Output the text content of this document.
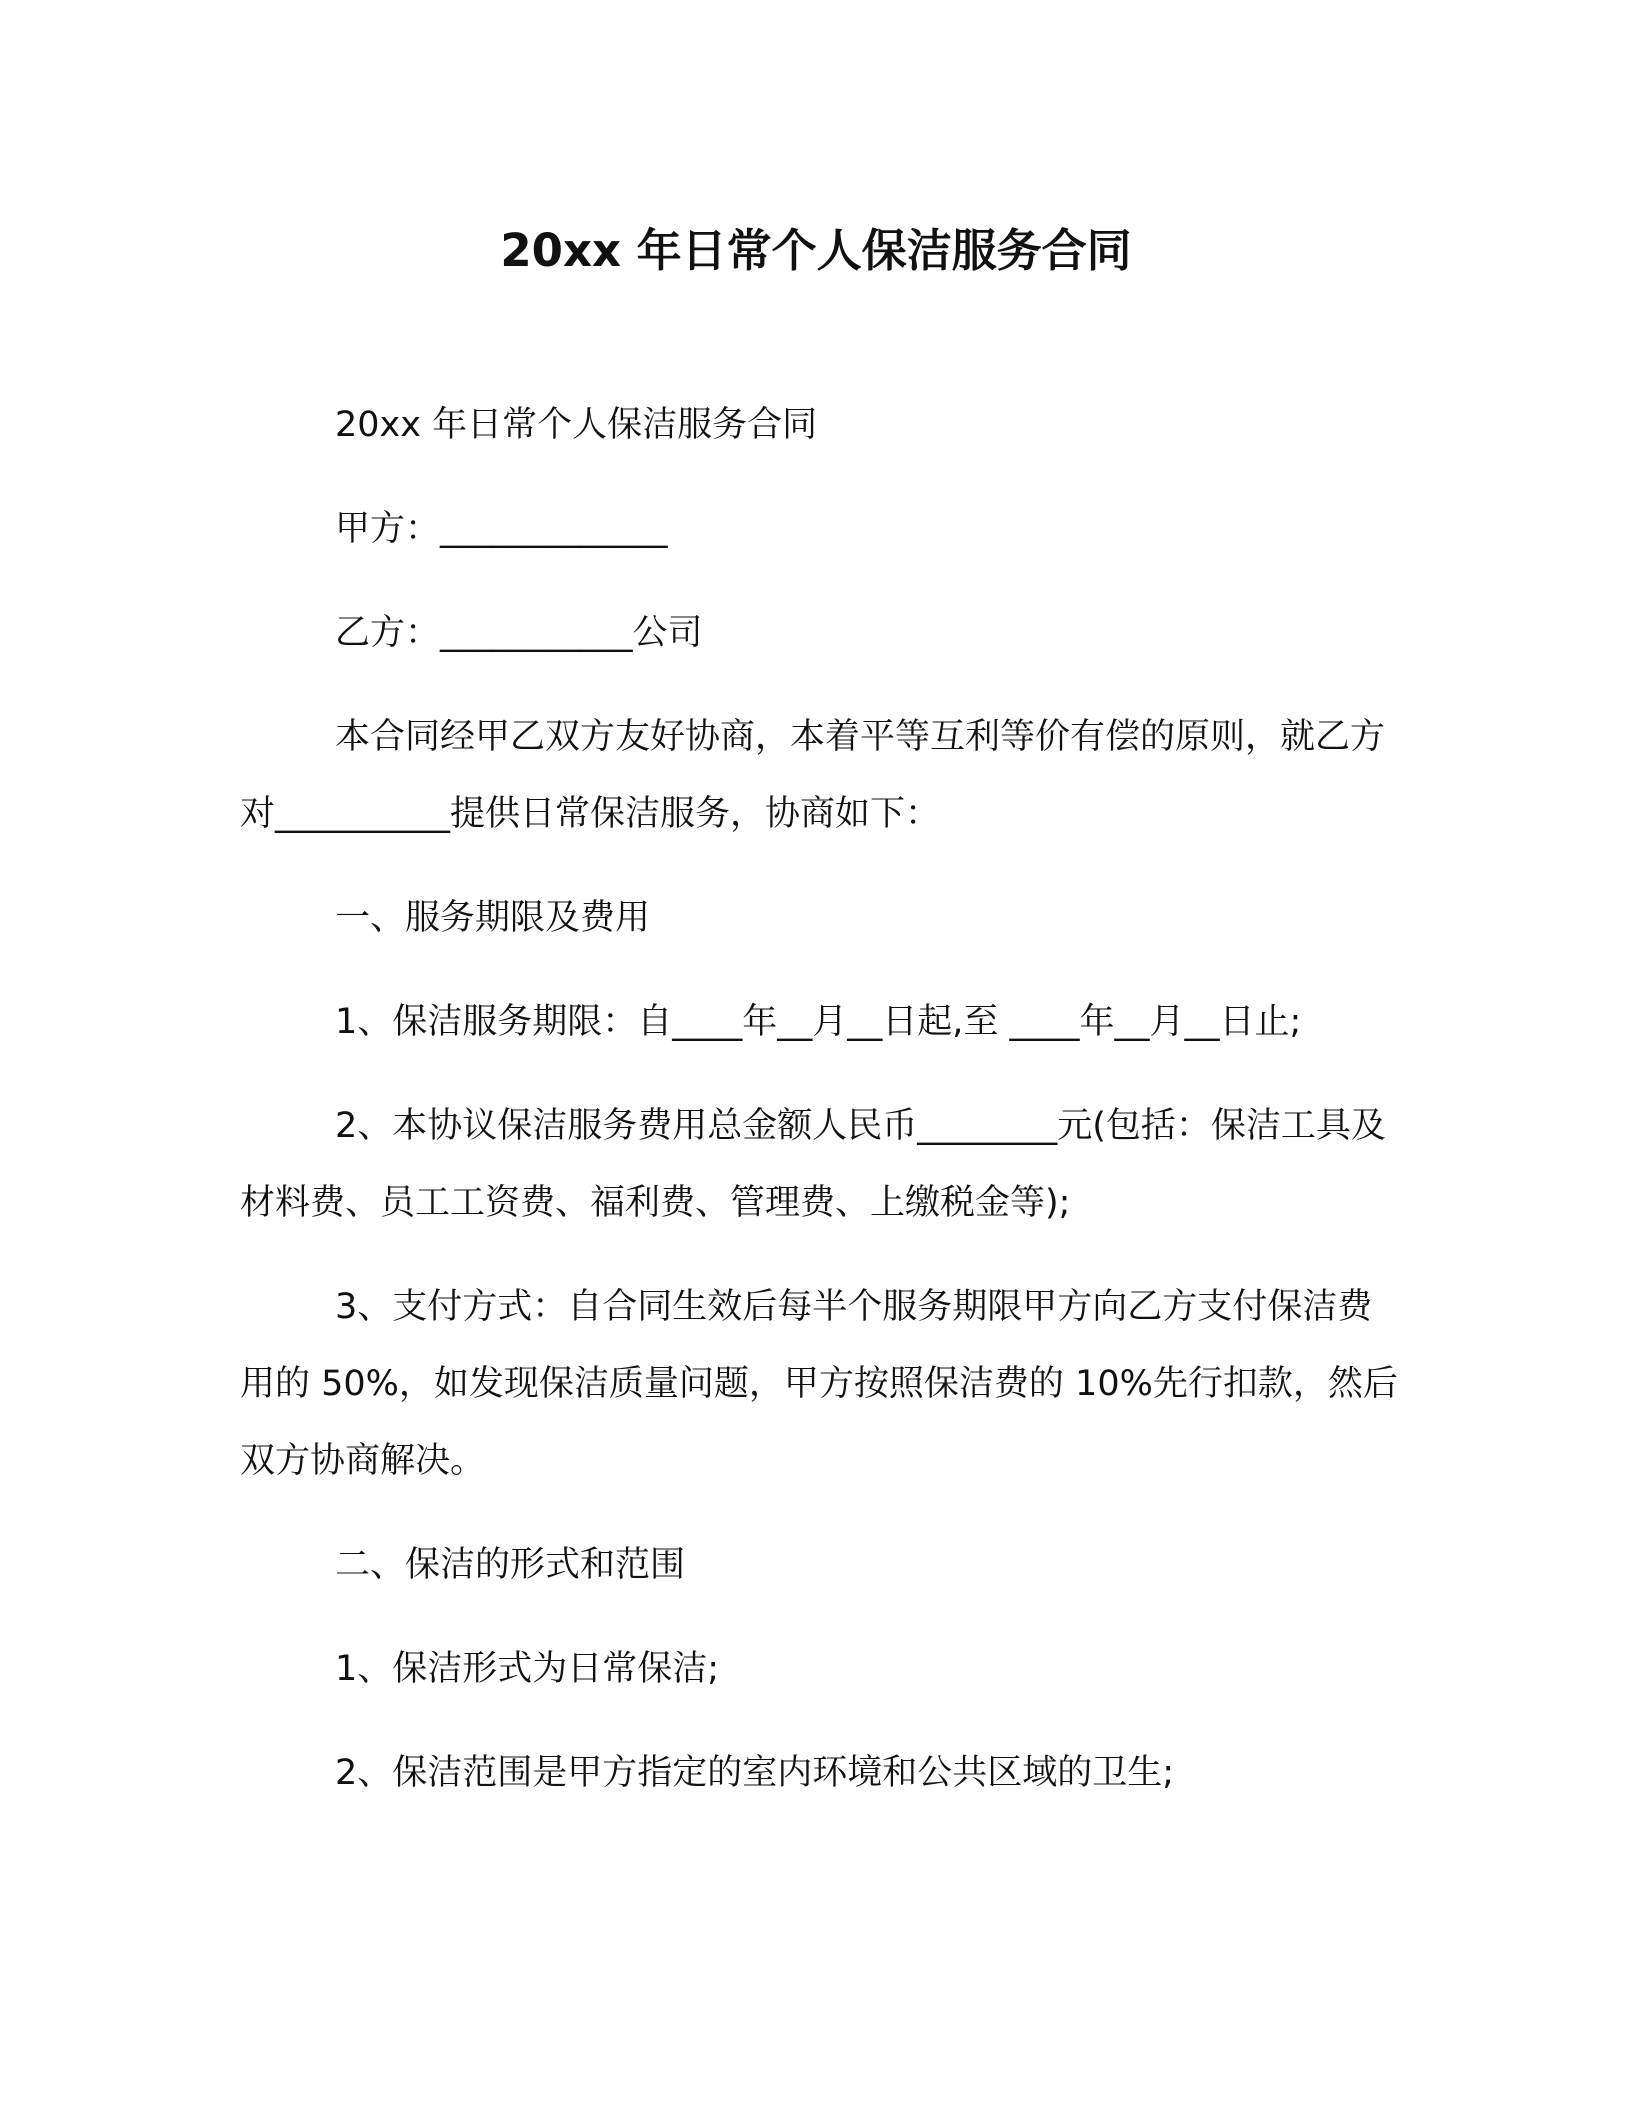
20xx 年日常个人保洁服务合同

20xx 年日常个人保洁服务合同

甲方：_____________

乙方：___________公司

本合同经甲乙双方友好协商，本着平等互利等价有偿的原则，就乙方对__________提供日常保洁服务，协商如下：

一、服务期限及费用

1、保洁服务期限：自____年__月__日起,至 ____年__月__日止;

2、本协议保洁服务费用总金额人民币________元(包括：保洁工具及材料费、员工工资费、福利费、管理费、上缴税金等);

3、支付方式：自合同生效后每半个服务期限甲方向乙方支付保洁费用的 50%，如发现保洁质量问题，甲方按照保洁费的 10%先行扣款，然后双方协商解决。

二、保洁的形式和范围

1、保洁形式为日常保洁;

2、保洁范围是甲方指定的室内环境和公共区域的卫生;
